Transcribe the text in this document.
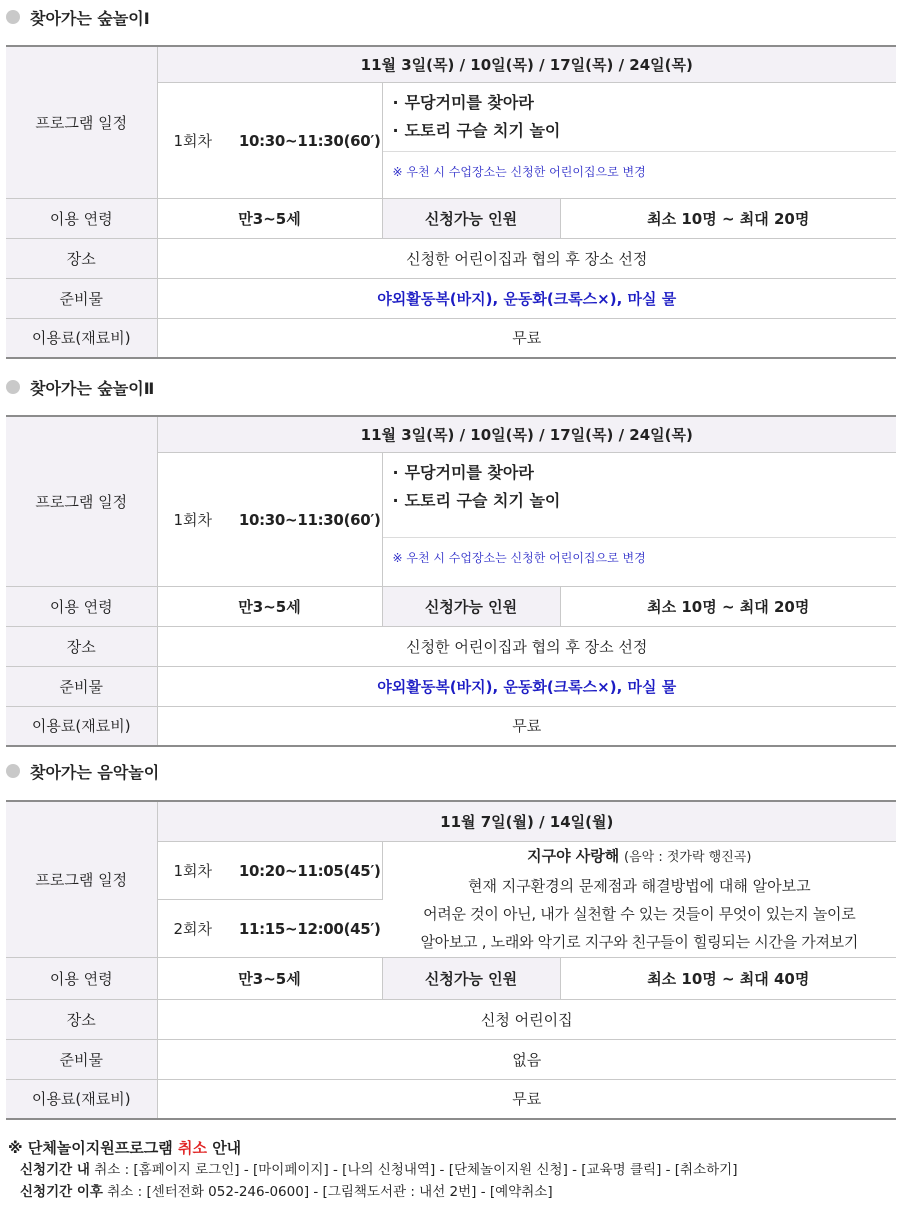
찾아가는 숲놀이Ⅰ
프로그램 일정	11월 3일(목) / 10일(목) / 17일(목) / 24일(목)		
	1회차 10:30~11:30(60′)	· 무당거미를 찾아라
· 도토리 구슬 치기 놀이
※ 우천 시 수업장소는 신청한 어린이집으로 변경	

이용 연령	만3~5세	신청가능 인원	최소 10명 ~ 최대 20명
장소	신청한 어린이집과 협의 후 장소 선정		
준비물	야외활동복(바지), 운동화(크록스×), 마실 물		
이용료(재료비)	무료		
찾아가는 숲놀이Ⅱ
프로그램 일정	11월 3일(목) / 10일(목) / 17일(목) / 24일(목)		
	1회차 10:30~11:30(60′)	· 무당거미를 찾아라
· 도토리 구슬 치기 놀이
※ 우천 시 수업장소는 신청한 어린이집으로 변경	

이용 연령	만3~5세	신청가능 인원	최소 10명 ~ 최대 20명
장소	신청한 어린이집과 협의 후 장소 선정		
준비물	야외활동복(바지), 운동화(크록스×), 마실 물		
이용료(재료비)	무료		
찾아가는 음악놀이
프로그램 일정	11월 7일(월) / 14일(월)		
	1회차 10:20~11:05(45′)	지구야 사랑해 (음악 : 젓가락 행진곡)
현재 지구환경의 문제점과 해결방법에 대해 알아보고
어려운 것이 아닌, 내가 실천할 수 있는 것들이 무엇이 있는지 놀이로
알아보고 , 노래와 악기로 지구와 친구들이 힐링되는 시간을 가져보기	

	2회차 11:15~12:00(45′)		
이용 연령	만3~5세	신청가능 인원	최소 10명 ~ 최대 40명
장소	신청 어린이집		
준비물	없음		
이용료(재료비)	무료		
※ 단체놀이지원프로그램 취소 안내
신청기간 내 취소 : [홈페이지 로그인] - [마이페이지] - [나의 신청내역] - [단체놀이지원 신청] - [교육명 클릭] - [취소하기]
신청기간 이후 취소 : [센터전화 052-246-0600] - [그림책도서관 : 내선 2번] - [예약취소]
